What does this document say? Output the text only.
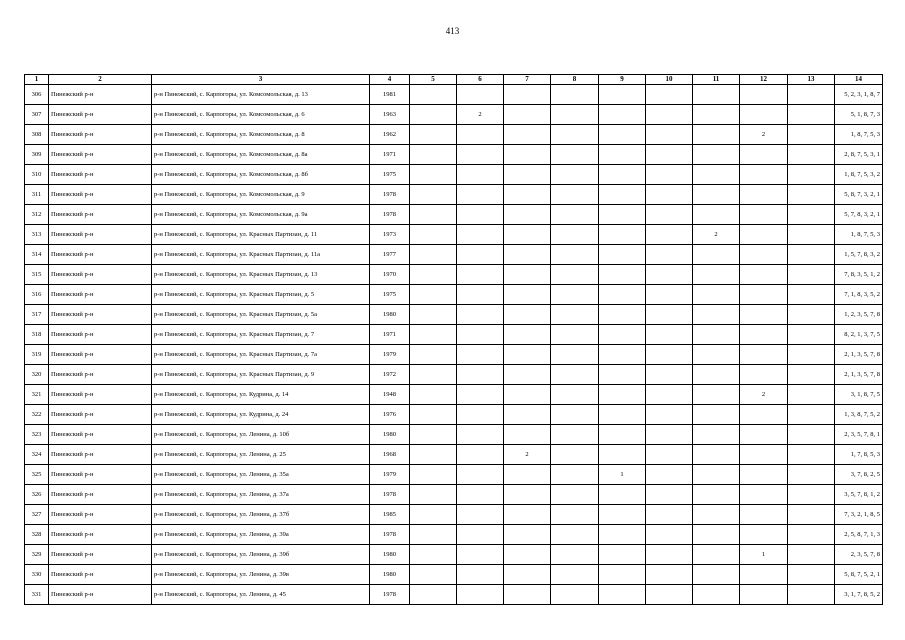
413
1	2	3	4	5	6	7	8	9	10	11	12	13	14
306	Пинежский р-н	р-н Пинежский, с. Карпогоры, ул. Комсомольская, д. 13	1981										5, 2, 3, 1, 8, 7
307	Пинежский р-н	р-н Пинежский, с. Карпогоры, ул. Комсомольская, д. 6	1963		2								5, 1, 8, 7, 3
308	Пинежский р-н	р-н Пинежский, с. Карпогоры, ул. Комсомольская, д. 8	1962								2		1, 8, 7, 5, 3
309	Пинежский р-н	р-н Пинежский, с. Карпогоры, ул. Комсомольская, д. 8а	1971										2, 8, 7, 5, 3, 1
310	Пинежский р-н	р-н Пинежский, с. Карпогоры, ул. Комсомольская, д. 8б	1975										1, 8, 7, 5, 3, 2
311	Пинежский р-н	р-н Пинежский, с. Карпогоры, ул. Комсомольская, д. 9	1978										5, 8, 7, 3, 2, 1
312	Пинежский р-н	р-н Пинежский, с. Карпогоры, ул. Комсомольская, д. 9а	1978										5, 7, 8, 3, 2, 1
313	Пинежский р-н	р-н Пинежский, с. Карпогоры, ул. Красных Партизан, д. 11	1973							2			1, 8, 7, 5, 3
314	Пинежский р-н	р-н Пинежский, с. Карпогоры, ул. Красных Партизан, д. 11а	1977										1, 5, 7, 8, 3, 2
315	Пинежский р-н	р-н Пинежский, с. Карпогоры, ул. Красных Партизан, д. 13	1970										7, 8, 3, 5, 1, 2
316	Пинежский р-н	р-н Пинежский, с. Карпогоры, ул. Красных Партизан, д. 5	1975										7, 1, 8, 3, 5, 2
317	Пинежский р-н	р-н Пинежский, с. Карпогоры, ул. Красных Партизан, д. 5а	1980										1, 2, 3, 5, 7, 8
318	Пинежский р-н	р-н Пинежский, с. Карпогоры, ул. Красных Партизан, д. 7	1971										8, 2, 1, 3, 7, 5
319	Пинежский р-н	р-н Пинежский, с. Карпогоры, ул. Красных Партизан, д. 7а	1979										2, 1, 3, 5, 7, 8
320	Пинежский р-н	р-н Пинежский, с. Карпогоры, ул. Красных Партизан, д. 9	1972										2, 1, 3, 5, 7, 8
321	Пинежский р-н	р-н Пинежский, с. Карпогоры, ул. Кудрина, д. 14	1948								2		3, 1, 8, 7, 5
322	Пинежский р-н	р-н Пинежский, с. Карпогоры, ул. Кудрина, д. 24	1976										1, 3, 8, 7, 5, 2
323	Пинежский р-н	р-н Пинежский, с. Карпогоры, ул. Ленина, д. 10б	1980										2, 3, 5, 7, 8, 1
324	Пинежский р-н	р-н Пинежский, с. Карпогоры, ул. Ленина, д. 25	1968			2							1, 7, 8, 5, 3
325	Пинежский р-н	р-н Пинежский, с. Карпогоры, ул. Ленина, д. 35а	1979					1					3, 7, 8, 2, 5
326	Пинежский р-н	р-н Пинежский, с. Карпогоры, ул. Ленина, д. 37а	1978										3, 5, 7, 8, 1, 2
327	Пинежский р-н	р-н Пинежский, с. Карпогоры, ул. Ленина, д. 37б	1985										7, 3, 2, 1, 8, 5
328	Пинежский р-н	р-н Пинежский, с. Карпогоры, ул. Ленина, д. 39а	1978										2, 5, 8, 7, 1, 3
329	Пинежский р-н	р-н Пинежский, с. Карпогоры, ул. Ленина, д. 39б	1980								1		2, 3, 5, 7, 8
330	Пинежский р-н	р-н Пинежский, с. Карпогоры, ул. Ленина, д. 39в	1980										5, 8, 7, 5, 2, 1
331	Пинежский р-н	р-н Пинежский, с. Карпогоры, ул. Ленина, д. 45	1978										3, 1, 7, 8, 5, 2
